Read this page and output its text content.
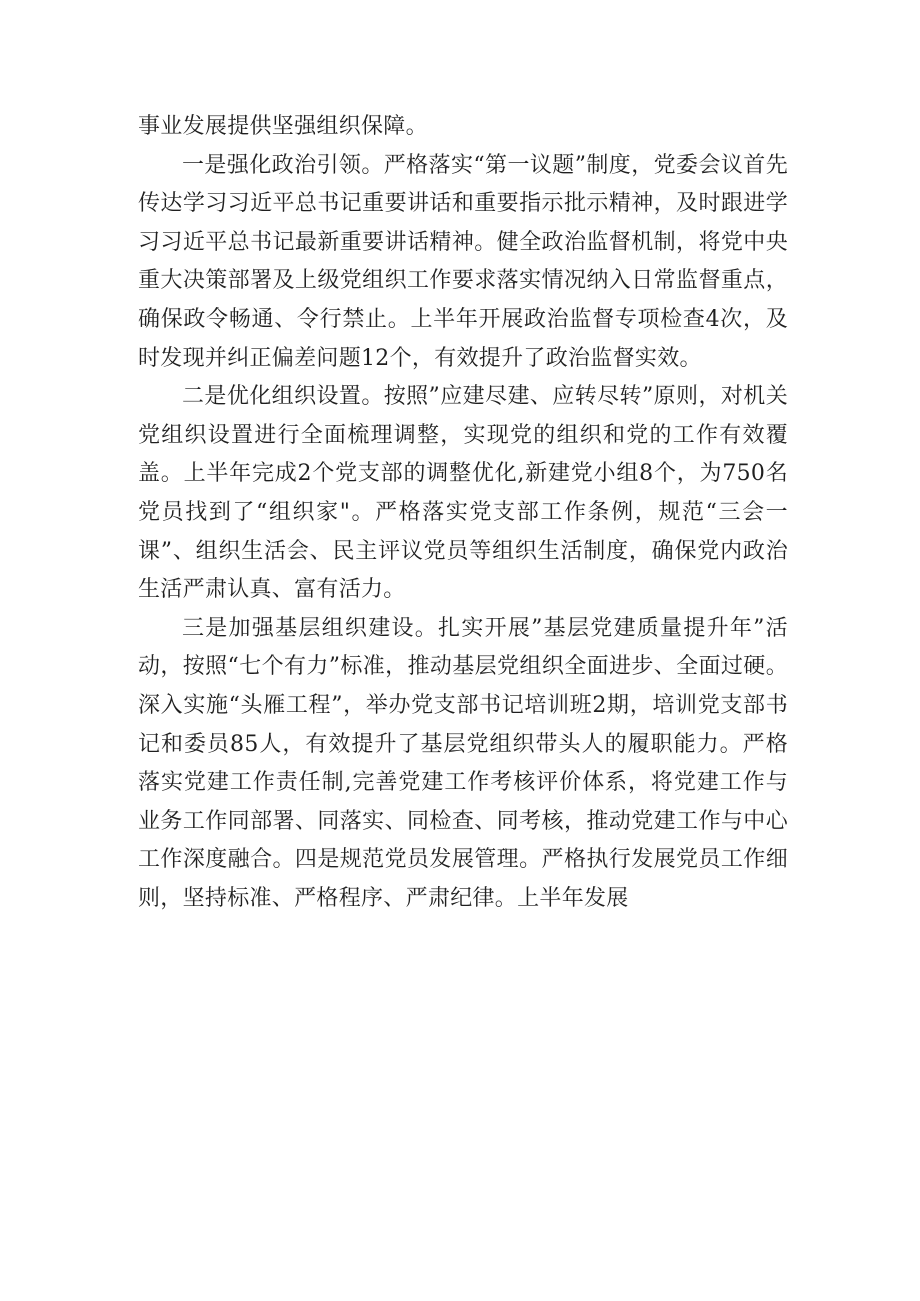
事业发展提供坚强组织保障。

一是强化政治引领。严格落实“第一议题”制度，党委会议首先传达学习习近平总书记重要讲话和重要指示批示精神，及时跟进学习习近平总书记最新重要讲话精神。健全政治监督机制，将党中央重大决策部署及上级党组织工作要求落实情况纳入日常监督重点，确保政令畅通、令行禁止。上半年开展政治监督专项检查4次，及时发现并纠正偏差问题12个，有效提升了政治监督实效。

二是优化组织设置。按照”应建尽建、应转尽转”原则，对机关党组织设置进行全面梳理调整，实现党的组织和党的工作有效覆盖。上半年完成2个党支部的调整优化,新建党小组8个，为750名党员找到了“组织家"。严格落实党支部工作条例，规范“三会一课”、组织生活会、民主评议党员等组织生活制度，确保党内政治生活严肃认真、富有活力。

三是加强基层组织建设。扎实开展”基层党建质量提升年”活动，按照“七个有力”标准，推动基层党组织全面进步、全面过硬。深入实施“头雁工程”，举办党支部书记培训班2期，培训党支部书记和委员85人，有效提升了基层党组织带头人的履职能力。严格落实党建工作责任制,完善党建工作考核评价体系，将党建工作与业务工作同部署、同落实、同检查、同考核，推动党建工作与中心工作深度融合。四是规范党员发展管理。严格执行发展党员工作细则，坚持标准、严格程序、严肃纪律。上半年发展
